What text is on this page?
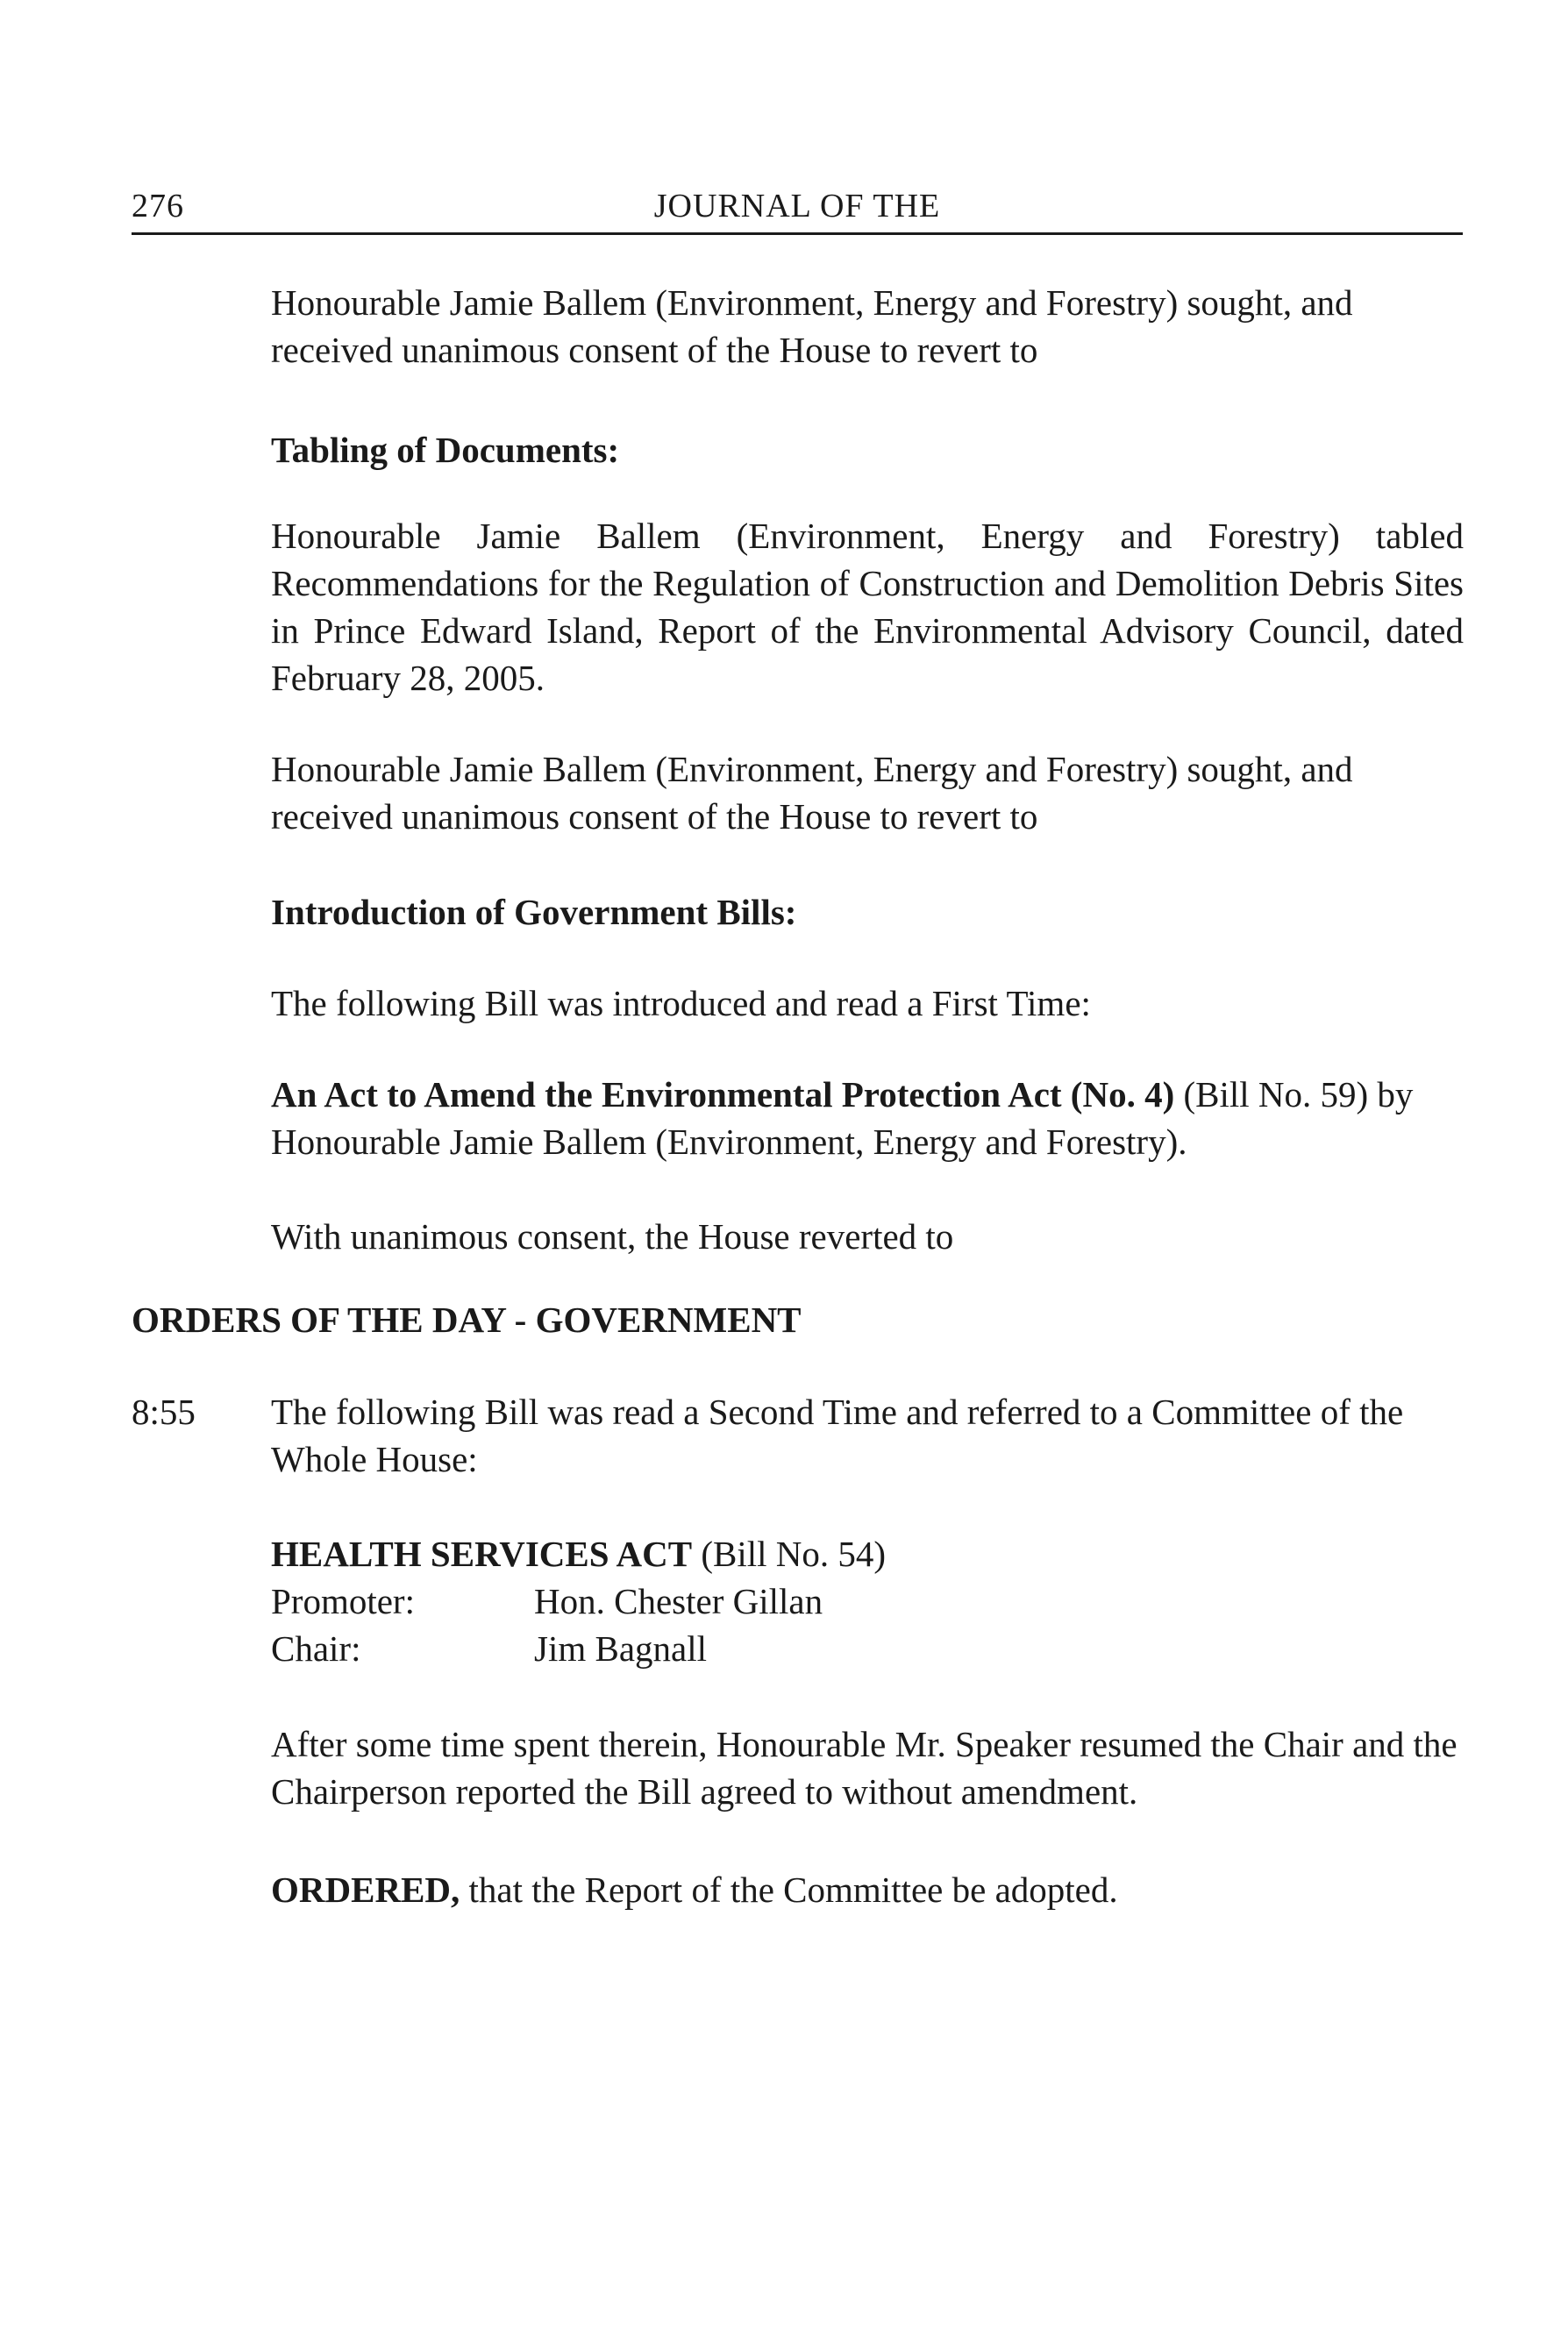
276	JOURNAL OF THE
Honourable Jamie Ballem (Environment, Energy and Forestry) sought, and received unanimous consent of the House to revert to
Tabling of Documents:
Honourable Jamie Ballem (Environment, Energy and Forestry) tabled Recommendations for the Regulation of Construction and Demolition Debris Sites in Prince Edward Island, Report of the Environmental Advisory Council, dated February 28, 2005.
Honourable Jamie Ballem (Environment, Energy and Forestry) sought, and received unanimous consent of the House to revert to
Introduction of Government Bills:
The following Bill was introduced and read a First Time:
An Act to Amend the Environmental Protection Act (No. 4) (Bill No. 59) by Honourable Jamie Ballem (Environment, Energy and Forestry).
With unanimous consent, the House reverted to
ORDERS OF THE DAY - GOVERNMENT
8:55 The following Bill was read a Second Time and referred to a Committee of the Whole House:
HEALTH SERVICES ACT (Bill No. 54)
Promoter:	Hon. Chester Gillan
Chair:	Jim Bagnall
After some time spent therein, Honourable Mr. Speaker resumed the Chair and the Chairperson reported the Bill agreed to without amendment.
ORDERED, that the Report of the Committee be adopted.
